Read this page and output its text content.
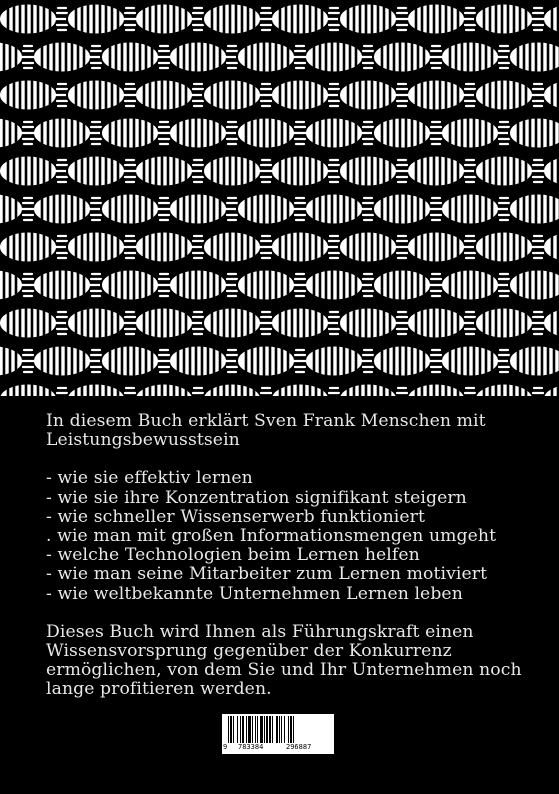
In diesem Buch erklärt Sven Frank Menschen mit Leistungsbewusstsein

- wie sie effektiv lernen
- wie sie ihre Konzentration signifikant steigern
- wie schneller Wissenserwerb funktioniert
. wie man mit großen Informationsmengen umgeht
- welche Technologien beim Lernen helfen
- wie man seine Mitarbeiter zum Lernen motiviert
- wie weltbekannte Unternehmen Lernen leben

Dieses Buch wird Ihnen als Führungskraft einen Wissensvorsprung gegenüber der Konkurrenz ermöglichen, von dem Sie und Ihr Unternehmen noch lange profitieren werden.

9 783384	296887
